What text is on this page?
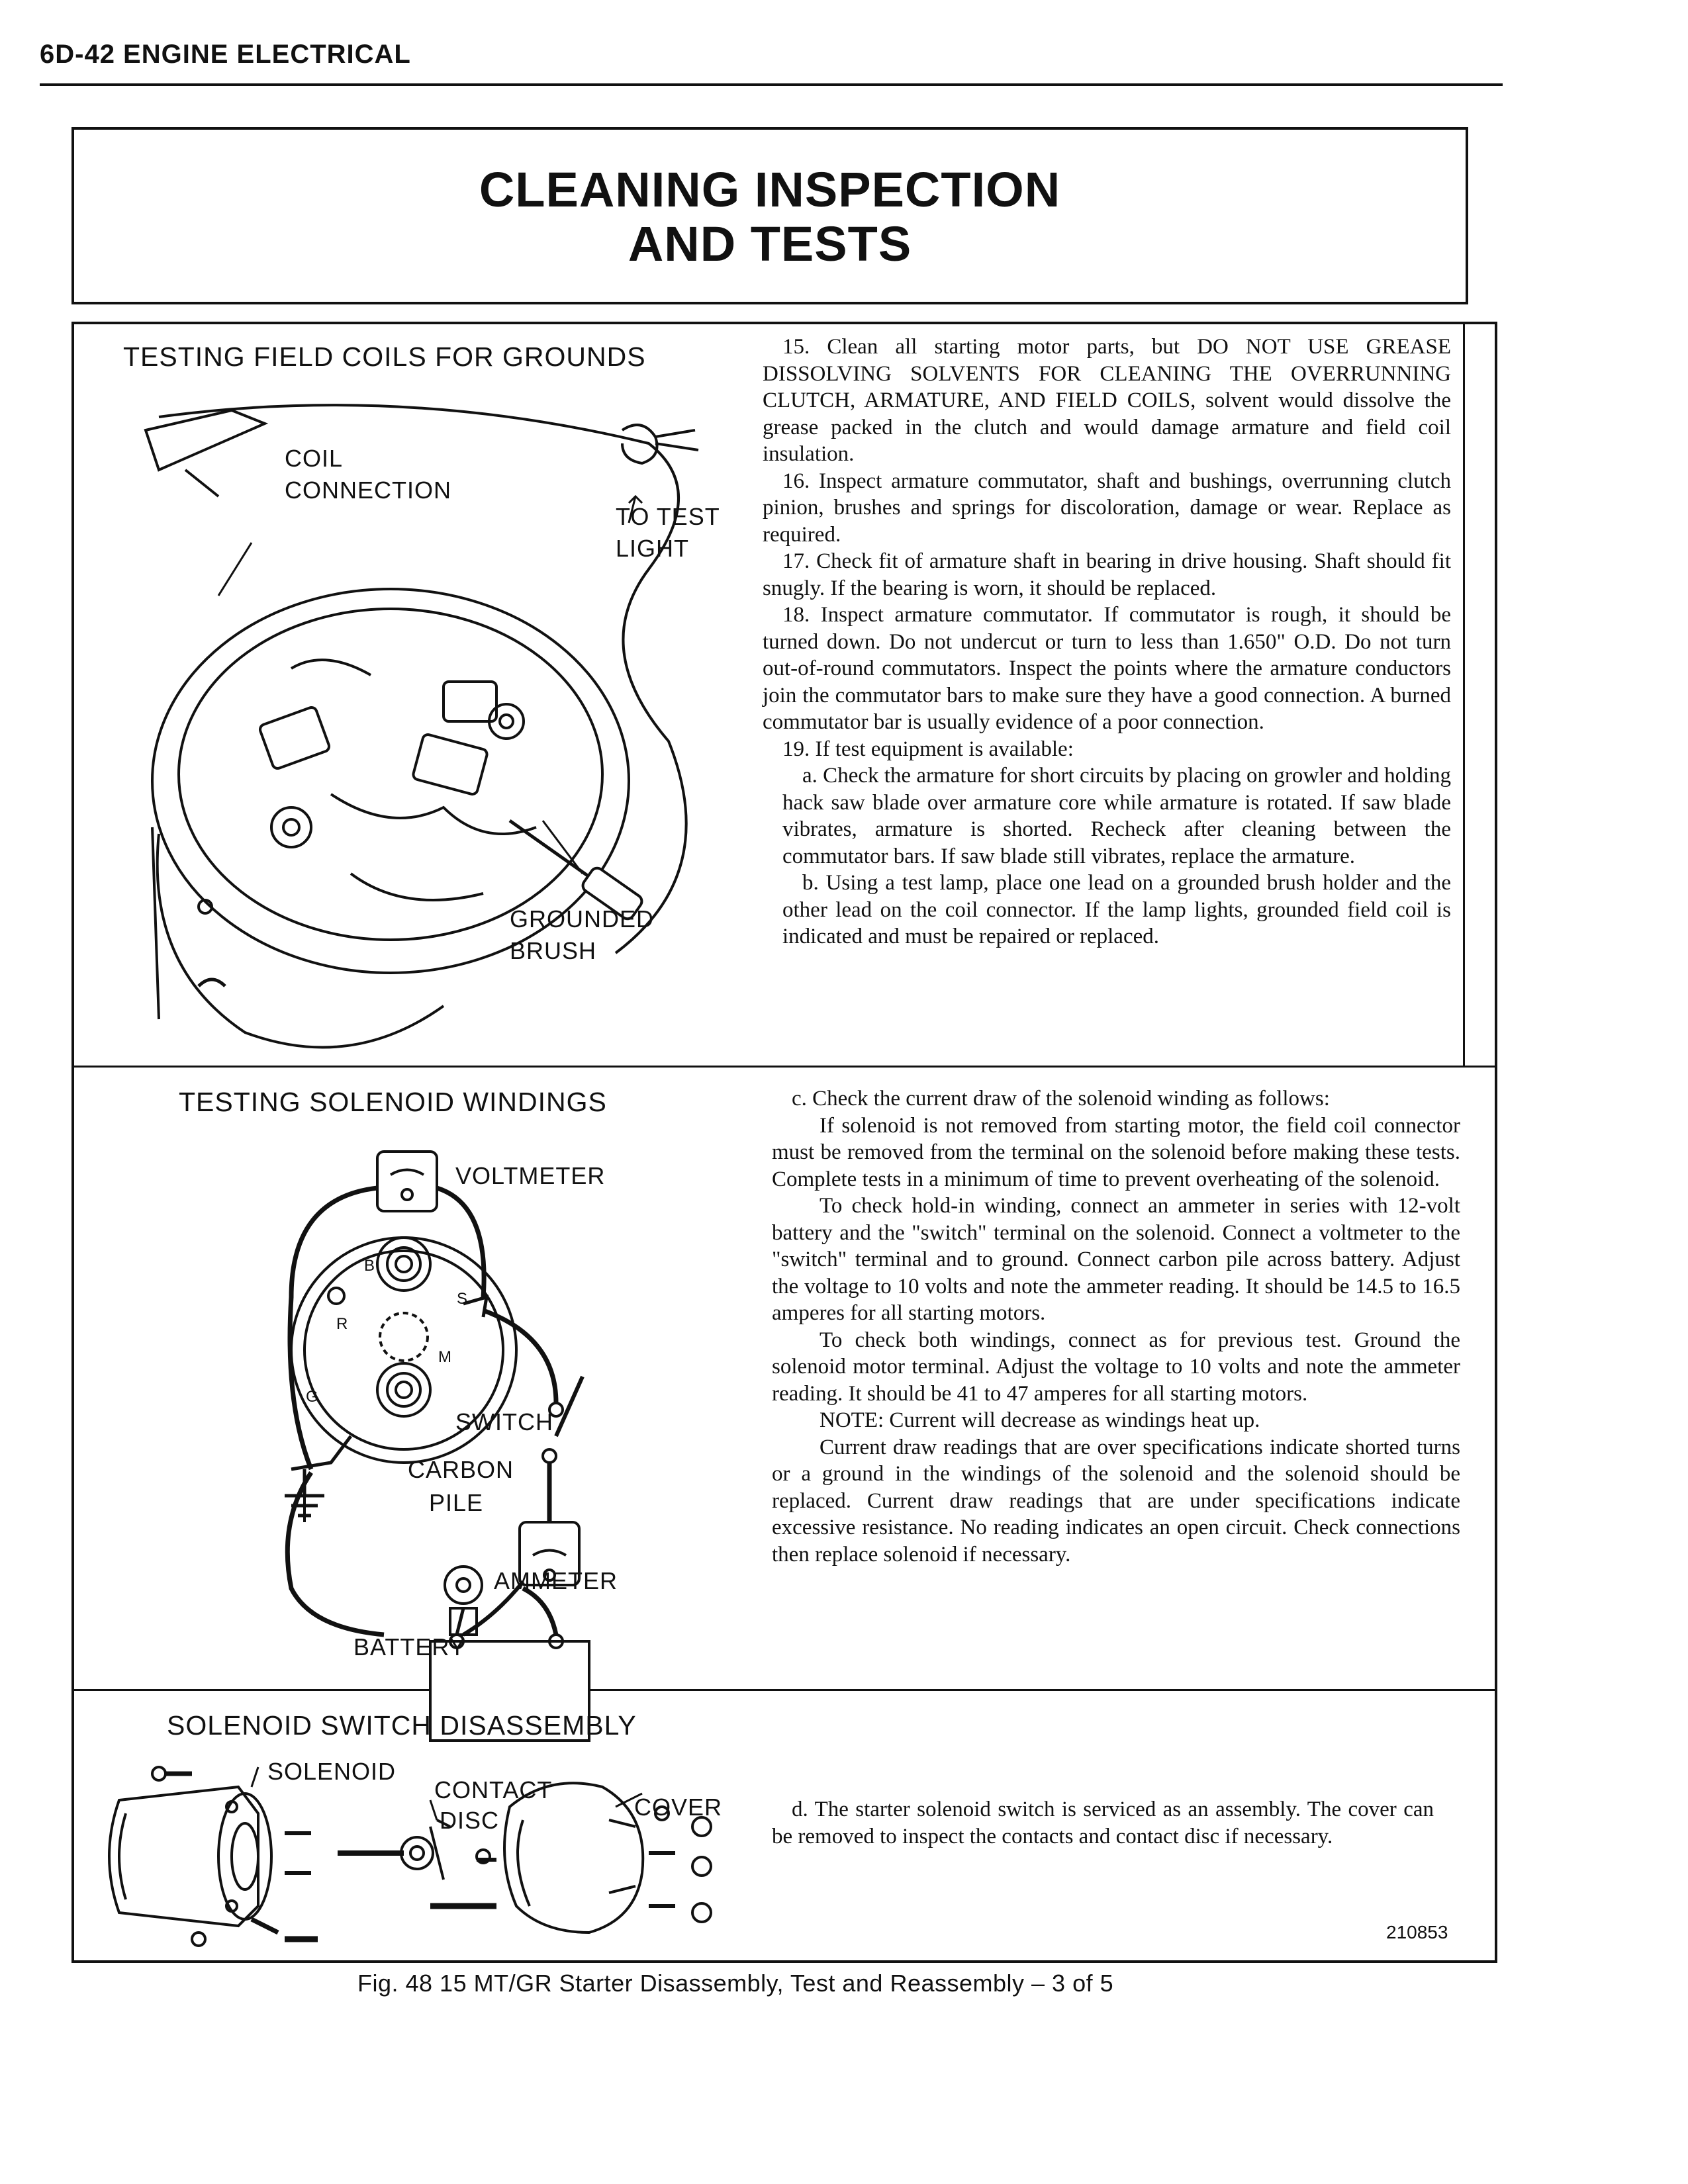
6D-42 ENGINE ELECTRICAL
CLEANING INSPECTION
AND TESTS
TESTING FIELD COILS FOR GROUNDS
COIL
CONNECTION
TO TEST
LIGHT
GROUNDED
BRUSH

15. Clean all starting motor parts, but DO NOT USE GREASE DISSOLVING SOLVENTS FOR CLEANING THE OVERRUNNING CLUTCH, ARMATURE, AND FIELD COILS, solvent would dissolve the grease packed in the clutch and would damage armature and field coil insulation.

16. Inspect armature commutator, shaft and bushings, overrunning clutch pinion, brushes and springs for discoloration, damage or wear. Replace as required.

17. Check fit of armature shaft in bearing in drive housing. Shaft should fit snugly. If the bearing is worn, it should be replaced.

18. Inspect armature commutator. If commutator is rough, it should be turned down. Do not undercut or turn to less than 1.650" O.D. Do not turn out-of-round commutators. Inspect the points where the armature conductors join the commutator bars to make sure they have a good connection. A burned commutator bar is usually evidence of a poor connection.

19. If test equipment is available:

a. Check the armature for short circuits by placing on growler and holding hack saw blade over armature core while armature is rotated. If saw blade vibrates, armature is shorted. Recheck after cleaning between the commutator bars. If saw blade still vibrates, replace the armature.

b. Using a test lamp, place one lead on a grounded brush holder and the other lead on the coil connector. If the lamp lights, grounded field coil is indicated and must be repaired or replaced.

TESTING SOLENOID WINDINGS
VOLTMETER
SWITCH
CARBON
PILE
AMMETER
BATTERY
B
S
R
M
G

c. Check the current draw of the solenoid winding as follows:

If solenoid is not removed from starting motor, the field coil connector must be removed from the terminal on the solenoid before making these tests. Complete tests in a minimum of time to prevent overheating of the solenoid.

To check hold-in winding, connect an ammeter in series with 12-volt battery and the "switch" terminal on the solenoid. Connect a voltmeter to the "switch" terminal and to ground. Connect carbon pile across battery. Adjust the voltage to 10 volts and note the ammeter reading. It should be 14.5 to 16.5 amperes for all starting motors.

To check both windings, connect as for previous test. Ground the solenoid motor terminal. Adjust the voltage to 10 volts and note the ammeter reading. It should be 41 to 47 amperes for all starting motors.

NOTE: Current will decrease as windings heat up.

Current draw readings that are over specifications indicate shorted turns or a ground in the windings of the solenoid and the solenoid should be replaced. Current draw readings that are under specifications indicate excessive resistance. No reading indicates an open circuit. Check connections then replace solenoid if necessary.

SOLENOID SWITCH DISASSEMBLY
SOLENOID
CONTACT
DISC	COVER	d. The starter solenoid switch is serviced as an assembly. The cover can be removed to inspect the contacts and contact disc if necessary.

210853
Fig. 48 15 MT/GR Starter Disassembly, Test and Reassembly – 3 of 5
